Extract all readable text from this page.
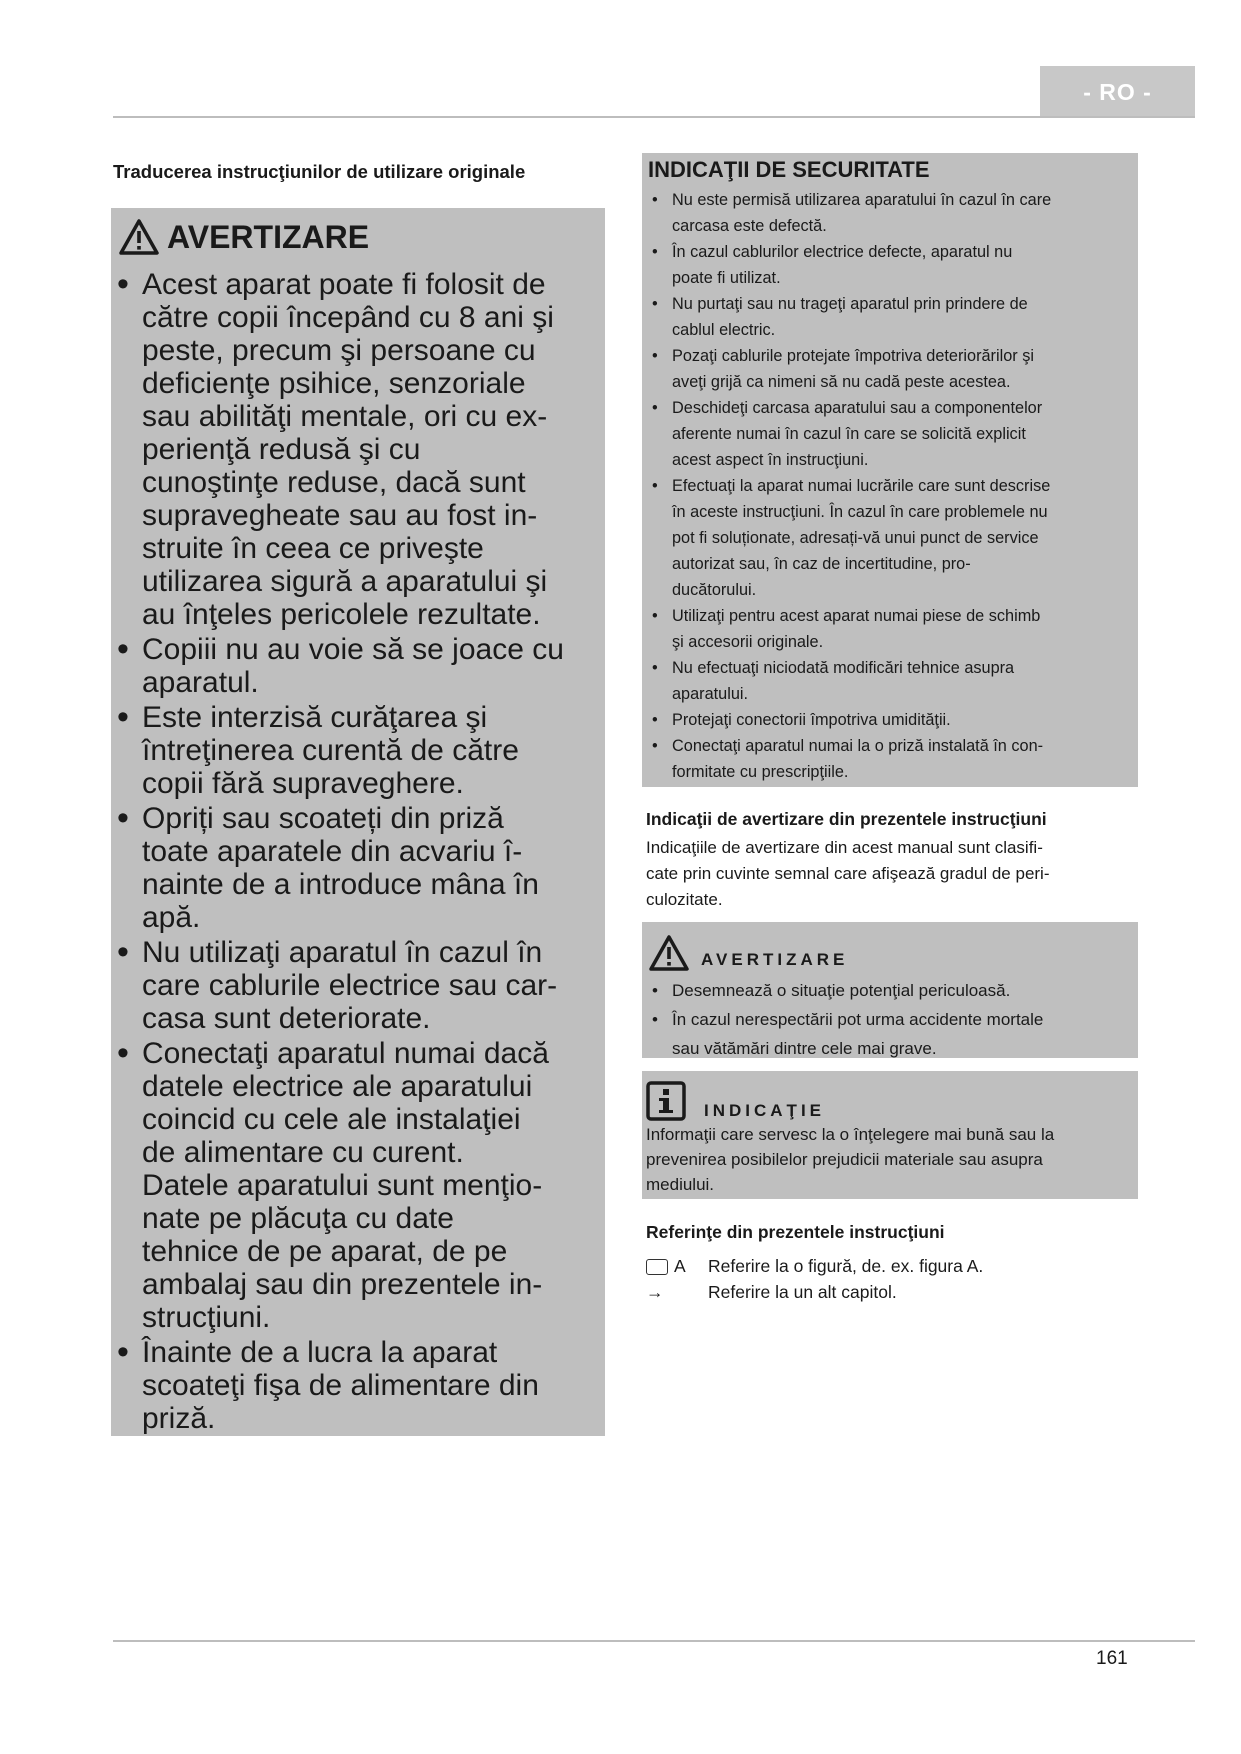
- RO -
Traducerea instrucţiunilor de utilizare originale
AVERTIZARE
• Acest aparat poate fi folosit de
către copii începând cu 8 ani şi
peste, precum şi persoane cu
deficienţe psihice, senzoriale
sau abilităţi mentale, ori cu ex-
perienţă redusă şi cu
cunoştinţe reduse, dacă sunt
supravegheate sau au fost in-
struite în ceea ce priveşte
utilizarea sigură a aparatului şi
au înţeles pericolele rezultate.
• Copiii nu au voie să se joace cu
aparatul.
• Este interzisă curăţarea şi
întreţinerea curentă de către
copii fără supraveghere.
• Opriți sau scoateți din priză
toate aparatele din acvariu î-
nainte de a introduce mâna în
apă.
• Nu utilizaţi aparatul în cazul în
care cablurile electrice sau car-
casa sunt deteriorate.
• Conectaţi aparatul numai dacă
datele electrice ale aparatului
coincid cu cele ale instalaţiei
de alimentare cu curent.
Datele aparatului sunt menţio-
nate pe plăcuţa cu date
tehnice de pe aparat, de pe
ambalaj sau din prezentele in-
strucţiuni.
• Înainte de a lucra la aparat
scoateţi fişa de alimentare din
priză.
INDICAŢII DE SECURITATE
• Nu este permisă utilizarea aparatului în cazul în care
carcasa este defectă.
• În cazul cablurilor electrice defecte, aparatul nu
poate fi utilizat.
• Nu purtaţi sau nu trageţi aparatul prin prindere de
cablul electric.
• Pozaţi cablurile protejate împotriva deteriorărilor şi
aveţi grijă ca nimeni să nu cadă peste acestea.
• Deschideţi carcasa aparatului sau a componentelor
aferente numai în cazul în care se solicită explicit
acest aspect în instrucţiuni.
• Efectuaţi la aparat numai lucrările care sunt descrise
în aceste instrucţiuni. În cazul în care problemele nu
pot fi soluționate, adresați-vă unui punct de service
autorizat sau, în caz de incertitudine, pro-
ducătorului.
• Utilizaţi pentru acest aparat numai piese de schimb
şi accesorii originale.
• Nu efectuaţi niciodată modificări tehnice asupra
aparatului.
• Protejaţi conectorii împotriva umidităţii.
• Conectaţi aparatul numai la o priză instalată în con-
formitate cu prescripţiile.
Indicaţii de avertizare din prezentele instrucţiuni
Indicaţiile de avertizare din acest manual sunt clasifi-
cate prin cuvinte semnal care afişează gradul de peri-
culozitate.
AVERTIZARE
• Desemnează o situaţie potenţial periculoasă.
• În cazul nerespectării pot urma accidente mortale
sau vătămări dintre cele mai grave.
INDICAŢIE
Informaţii care servesc la o înţelegere mai bună sau la
prevenirea posibilelor prejudicii materiale sau asupra
mediului.
Referinţe din prezentele instrucţiuni
A Referire la o figură, de. ex. figura A.
→	Referire la un alt capitol.
161
